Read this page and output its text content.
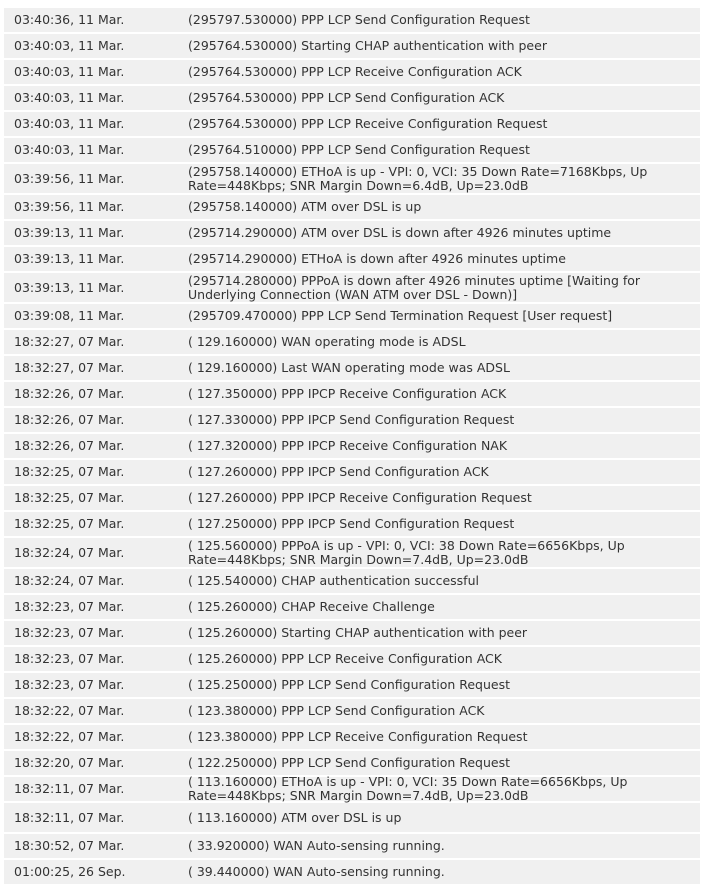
03:40:36, 11 Mar.	(295797.530000) PPP LCP Send Configuration Request
03:40:03, 11 Mar.	(295764.530000) Starting CHAP authentication with peer
03:40:03, 11 Mar.	(295764.530000) PPP LCP Receive Configuration ACK
03:40:03, 11 Mar.	(295764.530000) PPP LCP Send Configuration ACK
03:40:03, 11 Mar.	(295764.530000) PPP LCP Receive Configuration Request
03:40:03, 11 Mar.	(295764.510000) PPP LCP Send Configuration Request
03:39:56, 11 Mar.	(295758.140000) ETHoA is up - VPI: 0, VCI: 35 Down Rate=7168Kbps, Up Rate=448Kbps; SNR Margin Down=6.4dB, Up=23.0dB
03:39:56, 11 Mar.	(295758.140000) ATM over DSL is up
03:39:13, 11 Mar.	(295714.290000) ATM over DSL is down after 4926 minutes uptime
03:39:13, 11 Mar.	(295714.290000) ETHoA is down after 4926 minutes uptime
03:39:13, 11 Mar.	(295714.280000) PPPoA is down after 4926 minutes uptime [Waiting for Underlying Connection (WAN ATM over DSL - Down)]
03:39:08, 11 Mar.	(295709.470000) PPP LCP Send Termination Request [User request]
18:32:27, 07 Mar.	( 129.160000) WAN operating mode is ADSL
18:32:27, 07 Mar.	( 129.160000) Last WAN operating mode was ADSL
18:32:26, 07 Mar.	( 127.350000) PPP IPCP Receive Configuration ACK
18:32:26, 07 Mar.	( 127.330000) PPP IPCP Send Configuration Request
18:32:26, 07 Mar.	( 127.320000) PPP IPCP Receive Configuration NAK
18:32:25, 07 Mar.	( 127.260000) PPP IPCP Send Configuration ACK
18:32:25, 07 Mar.	( 127.260000) PPP IPCP Receive Configuration Request
18:32:25, 07 Mar.	( 127.250000) PPP IPCP Send Configuration Request
18:32:24, 07 Mar.	( 125.560000) PPPoA is up - VPI: 0, VCI: 38 Down Rate=6656Kbps, Up Rate=448Kbps; SNR Margin Down=7.4dB, Up=23.0dB
18:32:24, 07 Mar.	( 125.540000) CHAP authentication successful
18:32:23, 07 Mar.	( 125.260000) CHAP Receive Challenge
18:32:23, 07 Mar.	( 125.260000) Starting CHAP authentication with peer
18:32:23, 07 Mar.	( 125.260000) PPP LCP Receive Configuration ACK
18:32:23, 07 Mar.	( 125.250000) PPP LCP Send Configuration Request
18:32:22, 07 Mar.	( 123.380000) PPP LCP Send Configuration ACK
18:32:22, 07 Mar.	( 123.380000) PPP LCP Receive Configuration Request
18:32:20, 07 Mar.	( 122.250000) PPP LCP Send Configuration Request
18:32:11, 07 Mar.	( 113.160000) ETHoA is up - VPI: 0, VCI: 35 Down Rate=6656Kbps, Up Rate=448Kbps; SNR Margin Down=7.4dB, Up=23.0dB
18:32:11, 07 Mar.	( 113.160000) ATM over DSL is up
18:30:52, 07 Mar.	( 33.920000) WAN Auto-sensing running.
01:00:25, 26 Sep.	( 39.440000) WAN Auto-sensing running.
